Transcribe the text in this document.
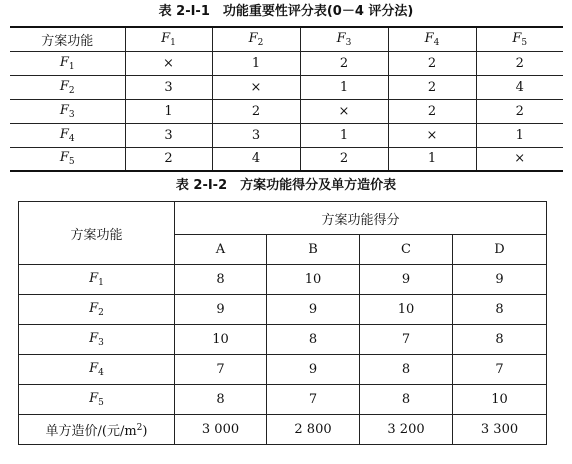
表 2-Ⅰ-1　功能重要性评分表(0－4 评分法)
方案功能	$F_1$	$F_2$	$F_3$	$F_4$	$F_5$
$F_1$	×	1	2	2	2
$F_2$	3	×	1	2	4
$F_3$	1	2	×	2	2
$F_4$	3	3	1	×	1
$F_5$	2	4	2	1	×
表 2-Ⅰ-2　方案功能得分及单方造价表
方案功能	方案功能得分			
	A	B	C	D
$F_1$	8	10	9	9
$F_2$	9	9	10	8
$F_3$	10	8	7	8
$F_4$	7	9	8	7
$F_5$	8	7	8	10
单方造价/(元$/m^2$)	3 000	2 800	3 200	3 300
